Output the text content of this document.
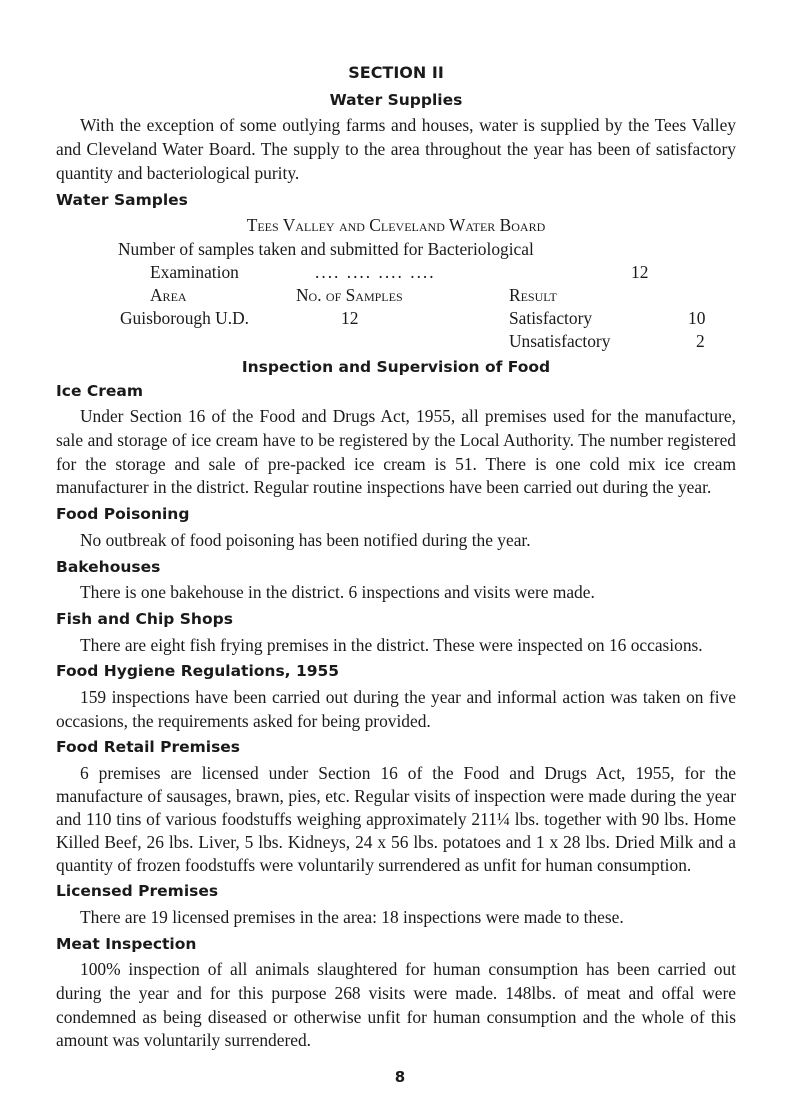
SECTION II
Water Supplies

With the exception of some outlying farms and houses, water is supplied by the Tees Valley and Cleveland Water Board. The supply to the area throughout the year has been of satisfactory quantity and bacteriological purity.

Water Samples
Tees Valley and Cleveland Water Board
Number of samples taken and submitted for Bacteriological
Examination	.... .... .... ....	12
Area	No. of Samples	Result
Guisborough U.D.	12	Satisfactory	10
Unsatisfactory	2
Inspection and Supervision of Food
Ice Cream

Under Section 16 of the Food and Drugs Act, 1955, all premises used for the manufacture, sale and storage of ice cream have to be registered by the Local Authority. The number registered for the storage and sale of pre-packed ice cream is 51. There is one cold mix ice cream manufacturer in the district. Regular routine inspections have been carried out during the year.

Food Poisoning

No outbreak of food poisoning has been notified during the year.

Bakehouses

There is one bakehouse in the district. 6 inspections and visits were made.

Fish and Chip Shops

There are eight fish frying premises in the district. These were inspected on 16 occasions.

Food Hygiene Regulations, 1955

159 inspections have been carried out during the year and informal action was taken on five occasions, the requirements asked for being provided.

Food Retail Premises

6 premises are licensed under Section 16 of the Food and Drugs Act, 1955, for the manufacture of sausages, brawn, pies, etc. Regular visits of inspection were made during the year and 110 tins of various foodstuffs weighing approximately 211¼ lbs. together with 90 lbs. Home Killed Beef, 26 lbs. Liver, 5 lbs. Kidneys, 24 x 56 lbs. potatoes and 1 x 28 lbs. Dried Milk and a quantity of frozen foodstuffs were voluntarily surrendered as unfit for human consumption.

Licensed Premises

There are 19 licensed premises in the area: 18 inspections were made to these.

Meat Inspection

100% inspection of all animals slaughtered for human consumption has been carried out during the year and for this purpose 268 visits were made. 148lbs. of meat and offal were condemned as being diseased or otherwise unfit for human consumption and the whole of this amount was voluntarily surrendered.

8
